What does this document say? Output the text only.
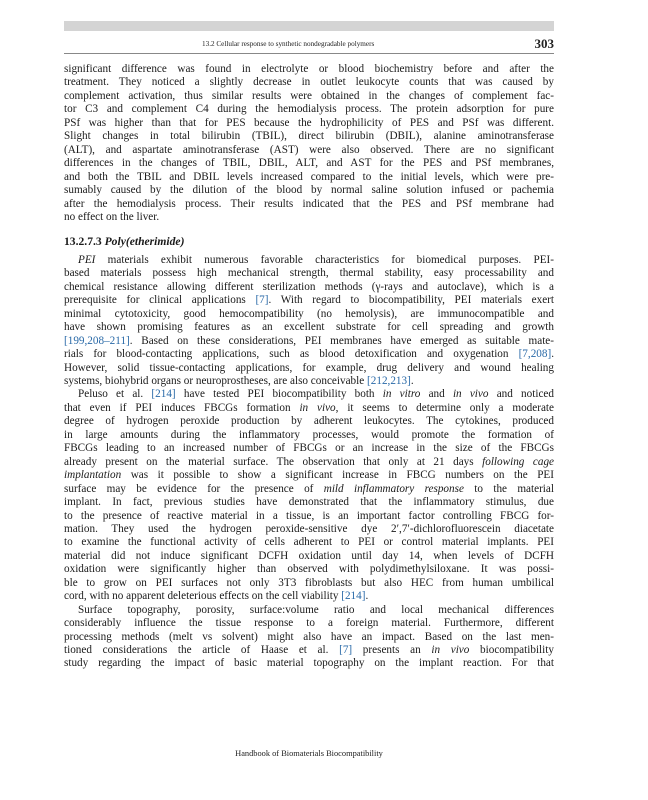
13.2 Cellular response to synthetic nondegradable polymers	303

significant difference was found in electrolyte or blood biochemistry before and after the
treatment. They noticed a slightly decrease in outlet leukocyte counts that was caused by
complement activation, thus similar results were obtained in the changes of complement fac-
tor C3 and complement C4 during the hemodialysis process. The protein adsorption for pure
PSf was higher than that for PES because the hydrophilicity of PES and PSf was different.
Slight changes in total bilirubin (TBIL), direct bilirubin (DBIL), alanine aminotransferase
(ALT), and aspartate aminotransferase (AST) were also observed. There are no significant
differences in the changes of TBIL, DBIL, ALT, and AST for the PES and PSf membranes,
and both the TBIL and DBIL levels increased compared to the initial levels, which were pre-
sumably caused by the dilution of the blood by normal saline solution infused or pachemia
after the hemodialysis process. Their results indicated that the PES and PSf membrane had
no effect on the liver.

13.2.7.3 Poly(etherimide)

PEI materials exhibit numerous favorable characteristics for biomedical purposes. PEI-
based materials possess high mechanical strength, thermal stability, easy processability and
chemical resistance allowing different sterilization methods (γ-rays and autoclave), which is a
prerequisite for clinical applications [7]. With regard to biocompatibility, PEI materials exert
minimal cytotoxicity, good hemocompatibility (no hemolysis), are immunocompatible and
have shown promising features as an excellent substrate for cell spreading and growth
[199,208–211]. Based on these considerations, PEI membranes have emerged as suitable mate-
rials for blood-contacting applications, such as blood detoxification and oxygenation [7,208].
However, solid tissue-contacting applications, for example, drug delivery and wound healing
systems, biohybrid organs or neuroprostheses, are also conceivable [212,213].

Peluso et al. [214] have tested PEI biocompatibility both in vitro and in vivo and noticed
that even if PEI induces FBCGs formation in vivo, it seems to determine only a moderate
degree of hydrogen peroxide production by adherent leukocytes. The cytokines, produced
in large amounts during the inflammatory processes, would promote the formation of
FBCGs leading to an increased number of FBCGs or an increase in the size of the FBCGs
already present on the material surface. The observation that only at 21 days following cage
implantation was it possible to show a significant increase in FBCG numbers on the PEI
surface may be evidence for the presence of mild inflammatory response to the material
implant. In fact, previous studies have demonstrated that the inflammatory stimulus, due
to the presence of reactive material in a tissue, is an important factor controlling FBCG for-
mation. They used the hydrogen peroxide-sensitive dye 2′,7′-dichlorofluorescein diacetate
to examine the functional activity of cells adherent to PEI or control material implants. PEI
material did not induce significant DCFH oxidation until day 14, when levels of DCFH
oxidation were significantly higher than observed with polydimethylsiloxane. It was possi-
ble to grow on PEI surfaces not only 3T3 fibroblasts but also HEC from human umbilical
cord, with no apparent deleterious effects on the cell viability [214].

Surface topography, porosity, surface:volume ratio and local mechanical differences
considerably influence the tissue response to a foreign material. Furthermore, different
processing methods (melt vs solvent) might also have an impact. Based on the last men-
tioned considerations the article of Haase et al. [7] presents an in vivo biocompatibility
study regarding the impact of basic material topography on the implant reaction. For that

Handbook of Biomaterials Biocompatibility
